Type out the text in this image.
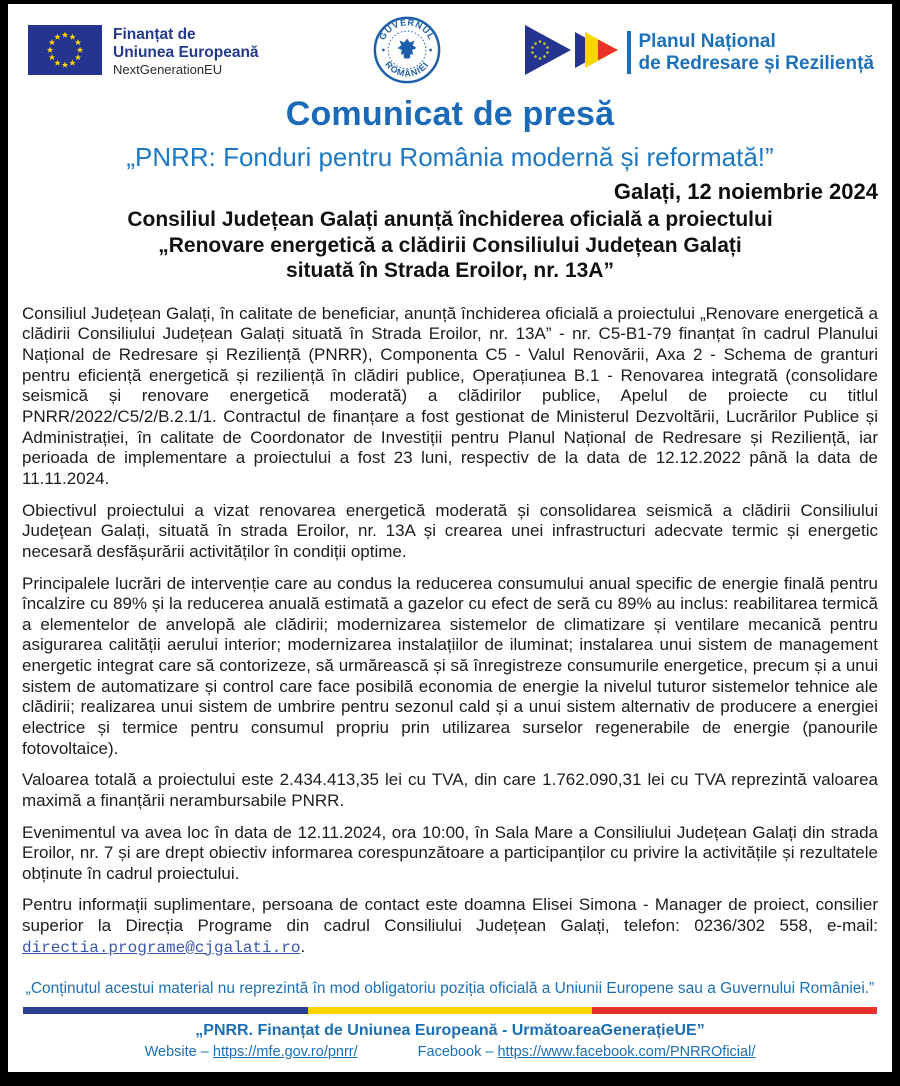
Finanțat de
Uniunea Europeană
NextGenerationEU
GUVERNUL
ROMÂNIEI
Planul Național
de Redresare și Reziliență
Comunicat de presă
„PNRR: Fonduri pentru România modernă și reformată!”
Galați, 12 noiembrie 2024
Consiliul Județean Galați anunță închiderea oficială a proiectului
„Renovare energetică a clădirii Consiliului Județean Galați
situată în Strada Eroilor, nr. 13A”

Consiliul Județean Galați, în calitate de beneficiar, anunță închiderea oficială a proiectului „Renovare energetică a clădirii Consiliului Județean Galați situată în Strada Eroilor, nr. 13A” - nr. C5-B1-79 finanțat în cadrul Planului Național de Redresare și Reziliență (PNRR), Componenta C5 - Valul Renovării, Axa 2 - Schema de granturi pentru eficiență energetică și reziliență în clădiri publice, Operațiunea B.1 - Renovarea integrată (consolidare seismică și renovare energetică moderată) a clădirilor publice, Apelul de proiecte cu titlul PNRR/2022/C5/2/B.2.1/1. Contractul de finanțare a fost gestionat de Ministerul Dezvoltării, Lucrărilor Publice și Administrației, în calitate de Coordonator de Investiții pentru Planul Național de Redresare și Reziliență, iar perioada de implementare a proiectului a fost 23 luni, respectiv de la data de 12.12.2022 până la data de 11.11.2024.

Obiectivul proiectului a vizat renovarea energetică moderată și consolidarea seismică a clădirii Consiliului Județean Galați, situată în strada Eroilor, nr. 13A și crearea unei infrastructuri adecvate termic și energetic necesară desfășurării activităților în condiții optime.

Principalele lucrări de intervenție care au condus la reducerea consumului anual specific de energie finală pentru încalzire cu 89% și la reducerea anuală estimată a gazelor cu efect de seră cu 89% au inclus: reabilitarea termică a elementelor de anvelopă ale clădirii; modernizarea sistemelor de climatizare și ventilare mecanică pentru asigurarea calității aerului interior; modernizarea instalațiilor de iluminat; instalarea unui sistem de management energetic integrat care să contorizeze, să urmărească și să înregistreze consumurile energetice, precum și a unui sistem de automatizare și control care face posibilă economia de energie la nivelul tuturor sistemelor tehnice ale clădirii; realizarea unui sistem de umbrire pentru sezonul cald și a unui sistem alternativ de producere a energiei electrice și termice pentru consumul propriu prin utilizarea surselor regenerabile de energie (panourile fotovoltaice).

Valoarea totală a proiectului este 2.434.413,35 lei cu TVA, din care 1.762.090,31 lei cu TVA reprezintă valoarea maximă a finanțării nerambursabile PNRR.

Evenimentul va avea loc în data de 12.11.2024, ora 10:00, în Sala Mare a Consiliului Județean Galați din strada Eroilor, nr. 7 și are drept obiectiv informarea corespunzătoare a participanților cu privire la activitățile și rezultatele obținute în cadrul proiectului.

Pentru informații suplimentare, persoana de contact este doamna Elisei Simona - Manager de proiect, consilier superior la Direcția Programe din cadrul Consiliului Județean Galați, telefon: 0236/302 558, e-mail: directia.programe@cjgalati.ro.

„Conținutul acestui material nu reprezintă în mod obligatoriu poziția oficială a Uniunii Europene sau a Guvernului României.”
„PNRR. Finanțat de Uniunea Europeană - UrmătoareaGenerațieUE”
Website – https://mfe.gov.ro/pnrr/	Facebook – https://www.facebook.com/PNRROficial/
